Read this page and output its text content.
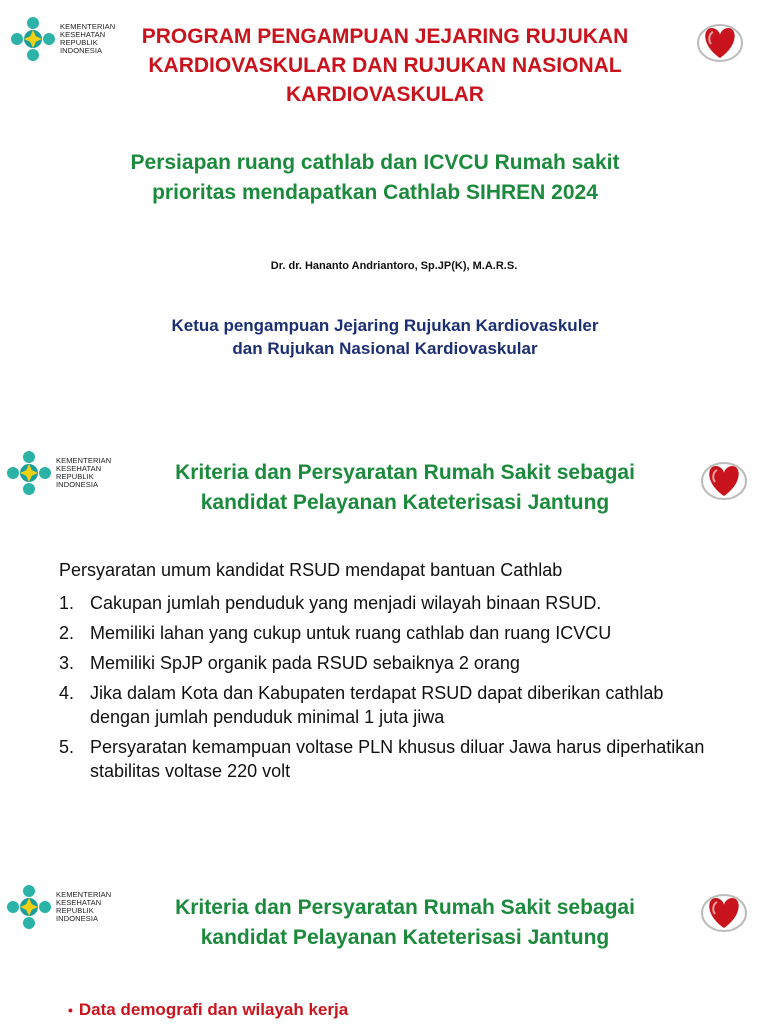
KEMENTERIAN
KESEHATAN
REPUBLIK
INDONESIA
PROGRAM PENGAMPUAN JEJARING RUJUKAN
KARDIOVASKULAR DAN RUJUKAN NASIONAL
KARDIOVASKULAR
Persiapan ruang cathlab dan ICVCU Rumah sakit
prioritas mendapatkan Cathlab SIHREN 2024
Dr. dr. Hananto Andriantoro, Sp.JP(K), M.A.R.S.
Ketua pengampuan Jejaring Rujukan Kardiovaskuler
dan Rujukan Nasional Kardiovaskular
KEMENTERIAN
KESEHATAN
REPUBLIK
INDONESIA
Kriteria dan Persyaratan Rumah Sakit sebagai
kandidat Pelayanan Kateterisasi Jantung
Persyaratan umum kandidat RSUD mendapat bantuan Cathlab
1. Cakupan jumlah penduduk yang menjadi wilayah binaan RSUD.
2. Memiliki lahan yang cukup untuk ruang cathlab dan ruang ICVCU
3. Memiliki SpJP organik pada RSUD sebaiknya 2 orang
4. Jika dalam Kota dan Kabupaten terdapat RSUD dapat diberikan cathlab dengan jumlah penduduk minimal 1 juta jiwa
5. Persyaratan kemampuan voltase PLN khusus diluar Jawa harus diperhatikan stabilitas voltase 220 volt
KEMENTERIAN
KESEHATAN
REPUBLIK
INDONESIA	Kriteria dan Persyaratan Rumah Sakit sebagai
kandidat Pelayanan Kateterisasi Jantung
• Data demografi dan wilayah kerja
